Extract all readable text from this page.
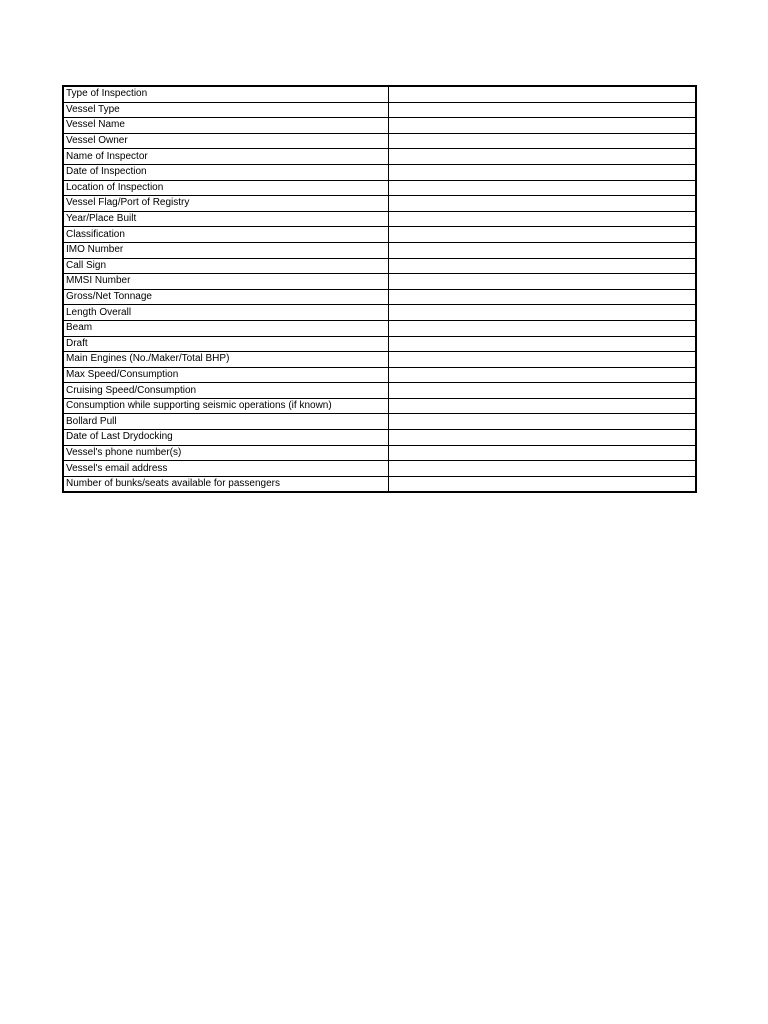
Type of Inspection	
Vessel Type	
Vessel Name	
Vessel Owner	
Name of Inspector	
Date of Inspection	
Location of Inspection	
Vessel Flag/Port of Registry	
Year/Place Built	
Classification	
IMO Number	
Call Sign	
MMSI Number	
Gross/Net Tonnage	
Length Overall	
Beam	
Draft	
Main Engines (No./Maker/Total BHP)	
Max Speed/Consumption	
Cruising Speed/Consumption	
Consumption while supporting seismic operations (if known)	
Bollard Pull	
Date of Last Drydocking	
Vessel's phone number(s)	
Vessel's email address	
Number of bunks/seats available for passengers	
